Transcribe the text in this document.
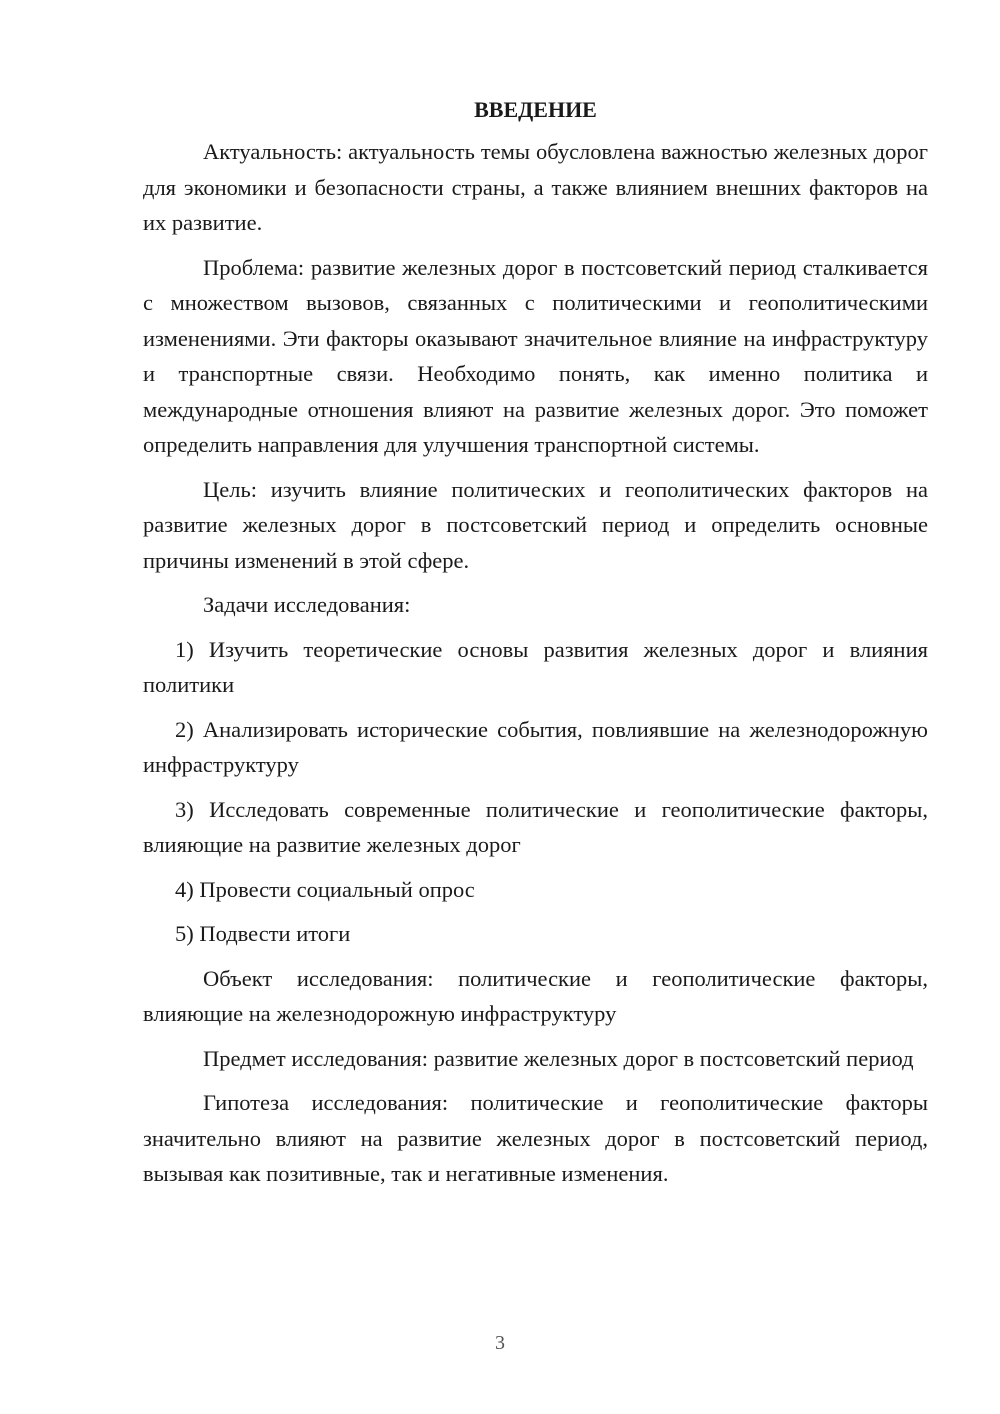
ВВЕДЕНИЕ

Актуальность: актуальность темы обусловлена важностью железных дорог для экономики и безопасности страны, а также влиянием внешних факторов на их развитие.

Проблема: развитие железных дорог в постсоветский период сталкивается с множеством вызовов, связанных с политическими и геополитическими изменениями. Эти факторы оказывают значительное влияние на инфраструктуру и транспортные связи. Необходимо понять, как именно политика и международные отношения влияют на развитие железных дорог. Это поможет определить направления для улучшения транспортной системы.

Цель: изучить влияние политических и геополитических факторов на развитие железных дорог в постсоветский период и определить основные причины изменений в этой сфере.

Задачи исследования:

1) Изучить теоретические основы развития железных дорог и влияния политики

2) Анализировать исторические события, повлиявшие на железнодорожную инфраструктуру

3) Исследовать современные политические и геополитические факторы, влияющие на развитие железных дорог

4) Провести социальный опрос

5) Подвести итоги

Объект исследования: политические и геополитические факторы, влияющие на железнодорожную инфраструктуру

Предмет исследования: развитие железных дорог в постсоветский период

Гипотеза исследования: политические и геополитические факторы значительно влияют на развитие железных дорог в постсоветский период, вызывая как позитивные, так и негативные изменения.

3
